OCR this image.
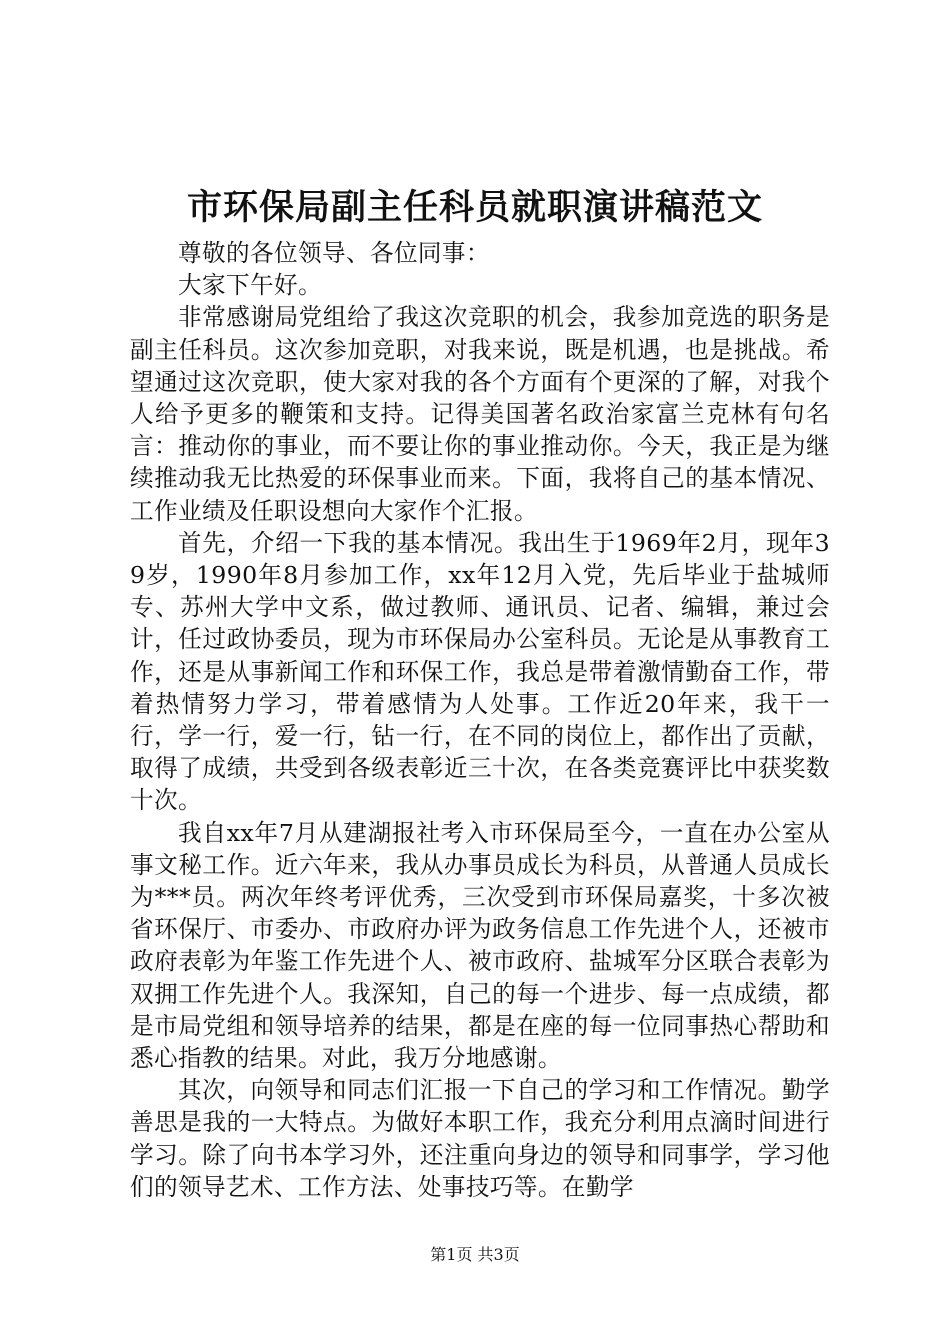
市环保局副主任科员就职演讲稿范文

尊敬的各位领导、各位同事：

大家下午好。

非常感谢局党组给了我这次竞职的机会，我参加竞选的职务是副主任科员。这次参加竞职，对我来说，既是机遇，也是挑战。希望通过这次竞职，使大家对我的各个方面有个更深的了解，对我个人给予更多的鞭策和支持。记得美国著名政治家富兰克林有句名言：推动你的事业，而不要让你的事业推动你。今天，我正是为继续推动我无比热爱的环保事业而来。下面，我将自己的基本情况、工作业绩及任职设想向大家作个汇报。

首先，介绍一下我的基本情况。我出生于1969年2月，现年39岁，1990年8月参加工作，xx年12月入党，先后毕业于盐城师专、苏州大学中文系，做过教师、通讯员、记者、编辑，兼过会计，任过政协委员，现为市环保局办公室科员。无论是从事教育工作，还是从事新闻工作和环保工作，我总是带着激情勤奋工作，带着热情努力学习，带着感情为人处事。工作近20年来，我干一行，学一行，爱一行，钻一行，在不同的岗位上，都作出了贡献，取得了成绩，共受到各级表彰近三十次，在各类竞赛评比中获奖数十次。

我自xx年7月从建湖报社考入市环保局至今，一直在办公室从事文秘工作。近六年来，我从办事员成长为科员，从普通人员成长为***员。两次年终考评优秀，三次受到市环保局嘉奖，十多次被省环保厅、市委办、市政府办评为政务信息工作先进个人，还被市政府表彰为年鉴工作先进个人、被市政府、盐城军分区联合表彰为双拥工作先进个人。我深知，自己的每一个进步、每一点成绩，都是市局党组和领导培养的结果，都是在座的每一位同事热心帮助和悉心指教的结果。对此，我万分地感谢。

其次，向领导和同志们汇报一下自己的学习和工作情况。勤学善思是我的一大特点。为做好本职工作，我充分利用点滴时间进行学习。除了向书本学习外，还注重向身边的领导和同事学，学习他们的领导艺术、工作方法、处事技巧等。在勤学

第1页 共3页
